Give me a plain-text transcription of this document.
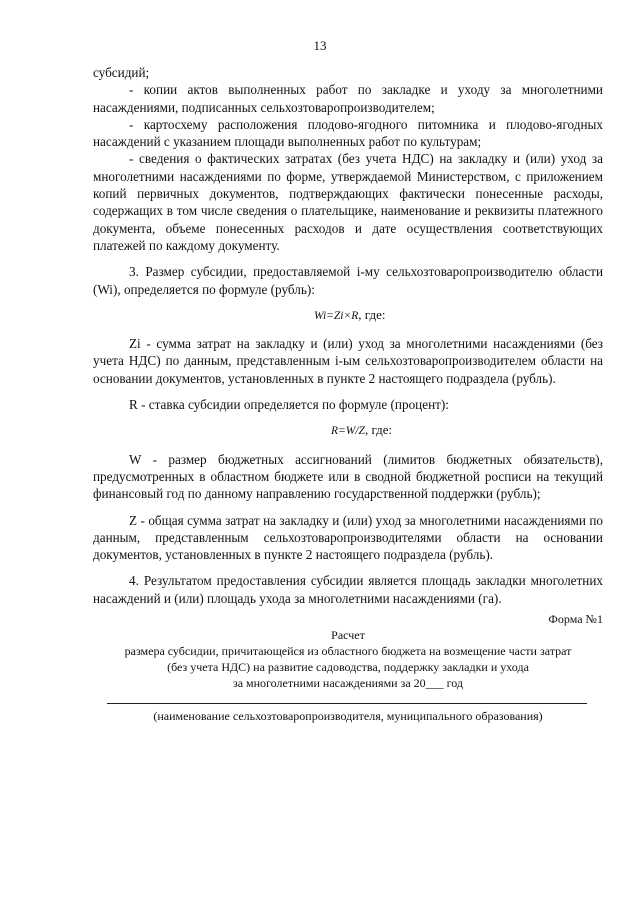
13

субсидий;

- копии актов выполненных работ по закладке и уходу за многолетними насаждениями, подписанных сельхозтоваропроизводителем;

- картосхему расположения плодово-ягодного питомника и плодово-ягодных насаждений с указанием площади выполненных работ по культурам;

- сведения о фактических затратах (без учета НДС) на закладку и (или) уход за многолетними насаждениями по форме, утверждаемой Министерством, с приложением копий первичных документов, подтверждающих фактически понесенные расходы, содержащих в том числе сведения о плательщике, наименование и реквизиты платежного документа, объеме понесенных расходов и дате осуществления соответствующих платежей по каждому документу.

3. Размер субсидии, предоставляемой i-му сельхозтоваропроизводителю области (Wi), определяется по формуле (рубль):

Wi=Zi×R, где:

Zi - сумма затрат на закладку и (или) уход за многолетними насаждениями (без учета НДС) по данным, представленным i-ым сельхозтоваропроизводителем области на основании документов, установленных в пункте 2 настоящего подраздела (рубль).

R - ставка субсидии определяется по формуле (процент):

R=W/Z, где:

W - размер бюджетных ассигнований (лимитов бюджетных обязательств), предусмотренных в областном бюджете или в сводной бюджетной росписи на текущий финансовый год по данному направлению государственной поддержки (рубль);

Z - общая сумма затрат на закладку и (или) уход за многолетними насаждениями по данным, представленным сельхозтоваропроизводителями области на основании документов, установленных в пункте 2 настоящего подраздела (рубль).

4. Результатом предоставления субсидии является площадь закладки многолетних насаждений и (или) площадь ухода за многолетними насаждениями (га).

Форма №1

Расчет

размера субсидии, причитающейся из областного бюджета на возмещение части затрат

(без учета НДС) на развитие садоводства, поддержку закладки и ухода

за многолетними насаждениями за 20___ год

(наименование сельхозтоваропроизводителя, муниципального образования)
